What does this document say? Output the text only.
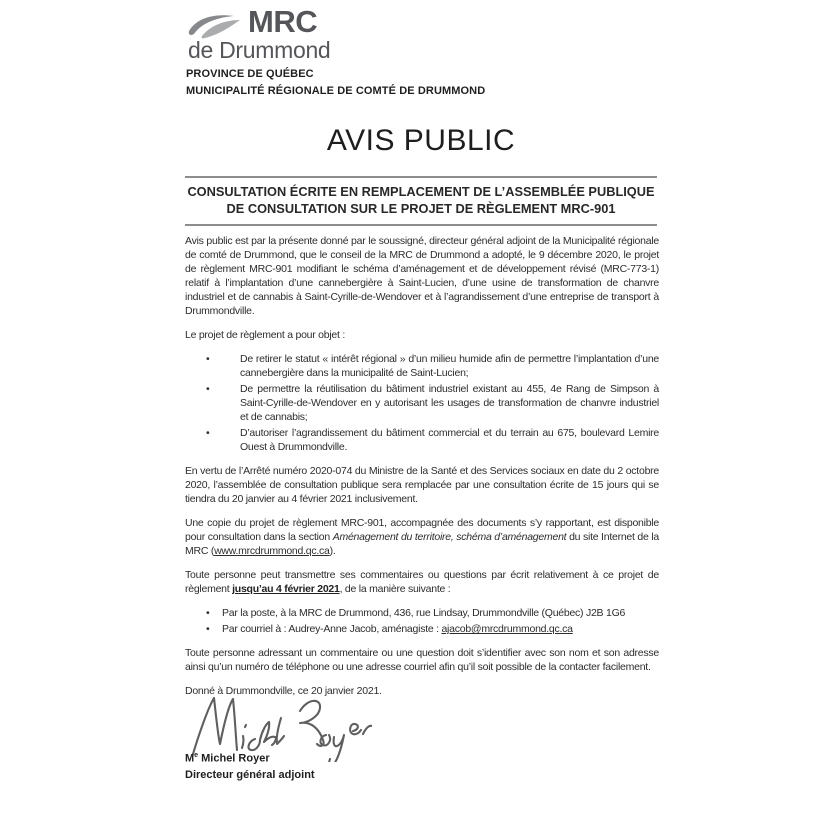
MRC
de Drummond
PROVINCE DE QUÉBEC
MUNICIPALITÉ RÉGIONALE DE COMTÉ DE DRUMMOND
AVIS PUBLIC
CONSULTATION ÉCRITE EN REMPLACEMENT DE L’ASSEMBLÉE PUBLIQUE
DE CONSULTATION SUR LE PROJET DE RÈGLEMENT MRC-901

Avis public est par la présente donné par le soussigné, directeur général adjoint de la Municipalité régionale de comté de Drummond, que le conseil de la MRC de Drummond a adopté, le 9 décembre 2020, le projet de règlement MRC-901 modifiant le schéma d’aménagement et de développement révisé (MRC-773-1) relatif à l’implantation d’une cannebergière à Saint-Lucien, d’une usine de transformation de chanvre industriel et de cannabis à Saint-Cyrille-de-Wendover et à l’agrandissement d’une entreprise de transport à Drummondville.

Le projet de règlement a pour objet :

• De retirer le statut « intérêt régional » d’un milieu humide afin de permettre l’implantation d’une cannebergière dans la municipalité de Saint-Lucien;
• De permettre la réutilisation du bâtiment industriel existant au 455, 4e Rang de Simpson à Saint-Cyrille-de-Wendover en y autorisant les usages de transformation de chanvre industriel et de cannabis;
• D’autoriser l’agrandissement du bâtiment commercial et du terrain au 675, boulevard Lemire Ouest à Drummondville.

En vertu de l’Arrêté numéro 2020-074 du Ministre de la Santé et des Services sociaux en date du 2 octobre 2020, l’assemblée de consultation publique sera remplacée par une consultation écrite de 15 jours qui se tiendra du 20 janvier au 4 février 2021 inclusivement.

Une copie du projet de règlement MRC-901, accompagnée des documents s’y rapportant, est disponible pour consultation dans la section Aménagement du territoire, schéma d’aménagement du site Internet de la MRC (www.mrcdrummond.qc.ca).

Toute personne peut transmettre ses commentaires ou questions par écrit relativement à ce projet de règlement jusqu’au 4 février 2021, de la manière suivante :

• Par la poste, à la MRC de Drummond, 436, rue Lindsay, Drummondville (Québec) J2B 1G6
• Par courriel à : Audrey-Anne Jacob, aménagiste : ajacob@mrcdrummond.qc.ca

Toute personne adressant un commentaire ou une question doit s’identifier avec son nom et son adresse ainsi qu’un numéro de téléphone ou une adresse courriel afin qu’il soit possible de la contacter facilement.

Donné à Drummondville, ce 20 janvier 2021.

Me Michel Royer
Directeur général adjoint
